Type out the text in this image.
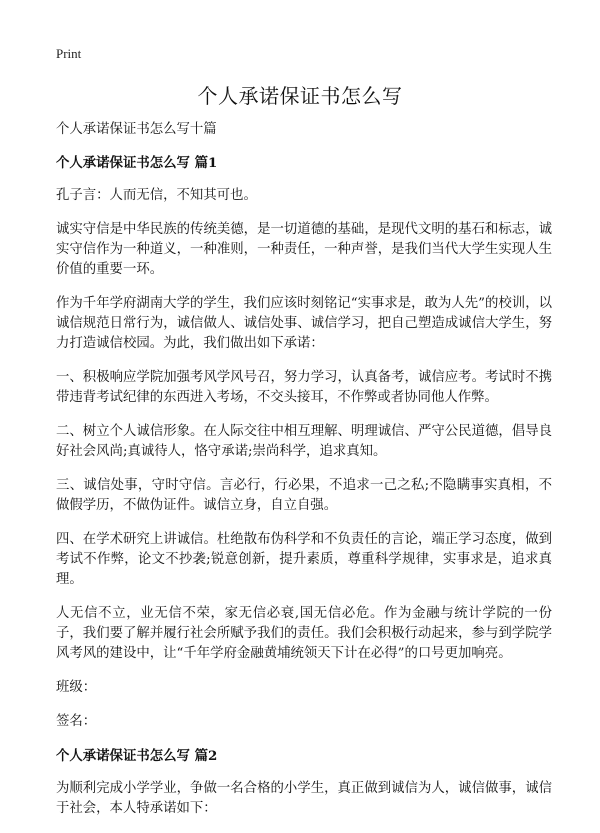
Print
个人承诺保证书怎么写

个人承诺保证书怎么写十篇

个人承诺保证书怎么写 篇1

孔子言：人而无信，不知其可也。

诚实守信是中华民族的传统美德，是一切道德的基础，是现代文明的基石和标志，诚实守信作为一种道义，一种准则，一种责任，一种声誉，是我们当代大学生实现人生价值的重要一环。

作为千年学府湖南大学的学生，我们应该时刻铭记“实事求是，敢为人先”的校训，以诚信规范日常行为，诚信做人、诚信处事、诚信学习，把自己塑造成诚信大学生，努力打造诚信校园。为此，我们做出如下承诺：

一、积极响应学院加强考风学风号召，努力学习，认真备考，诚信应考。考试时不携带违背考试纪律的东西进入考场，不交头接耳，不作弊或者协同他人作弊。

二、树立个人诚信形象。在人际交往中相互理解、明理诚信、严守公民道德，倡导良好社会风尚;真诚待人，恪守承诺;崇尚科学，追求真知。

三、诚信处事，守时守信。言必行，行必果，不追求一己之私;不隐瞒事实真相，不做假学历，不做伪证件。诚信立身，自立自强。

四、在学术研究上讲诚信。杜绝散布伪科学和不负责任的言论，端正学习态度，做到考试不作弊，论文不抄袭;锐意创新，提升素质，尊重科学规律，实事求是，追求真理。

人无信不立，业无信不荣，家无信必衰,国无信必危。作为金融与统计学院的一份子，我们要了解并履行社会所赋予我们的责任。我们会积极行动起来，参与到学院学风考风的建设中，让“千年学府金融黄埔统领天下计在必得”的口号更加响亮。

班级：

签名：

个人承诺保证书怎么写 篇2

为顺利完成小学学业，争做一名合格的小学生，真正做到诚信为人，诚信做事，诚信于社会，本人特承诺如下：
